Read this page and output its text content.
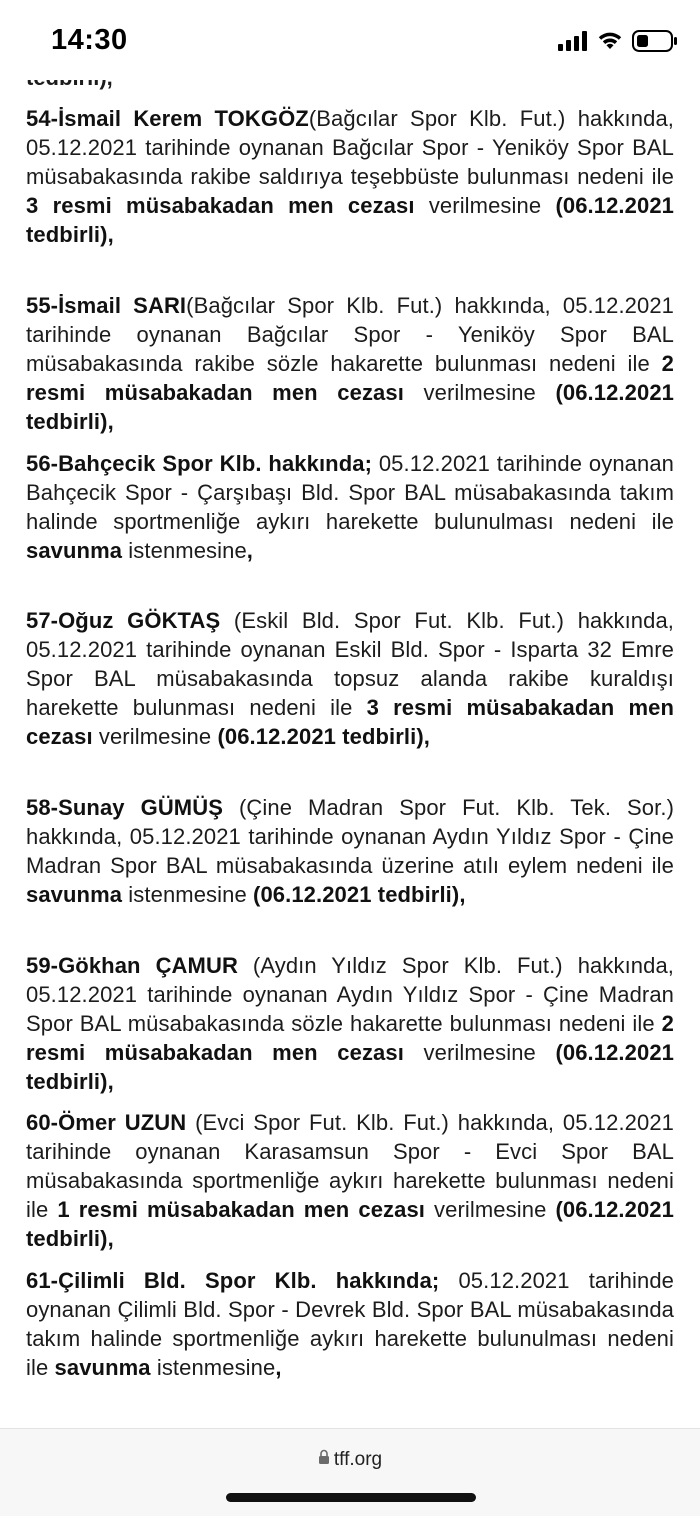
14:30
54-İsmail Kerem TOKGÖZ(Bağcılar Spor Klb. Fut.) hakkında, 05.12.2021 tarihinde oynanan Bağcılar Spor - Yeniköy Spor BAL müsabakasında rakibe saldırıya teşebbüste bulunması nedeni ile 3 resmi müsabakadan men cezası verilmesine (06.12.2021 tedbirli),
55-İsmail SARI(Bağcılar Spor Klb. Fut.) hakkında, 05.12.2021 tarihinde oynanan Bağcılar Spor - Yeniköy Spor BAL müsabakasında rakibe sözle hakarette bulunması nedeni ile 2 resmi müsabakadan men cezası verilmesine (06.12.2021 tedbirli),
56-Bahçecik Spor Klb. hakkında; 05.12.2021 tarihinde oynanan Bahçecik Spor - Çarşıbaşı Bld. Spor BAL müsabakasında takım halinde sportmenliğe aykırı harekette bulunulması nedeni ile savunma istenmesine,
57-Oğuz GÖKTAŞ (Eskil Bld. Spor Fut. Klb. Fut.) hakkında, 05.12.2021 tarihinde oynanan Eskil Bld. Spor - Isparta 32 Emre Spor BAL müsabakasında topsuz alanda rakibe kuraldışı harekette bulunması nedeni ile 3 resmi müsabakadan men cezası verilmesine (06.12.2021 tedbirli),
58-Sunay GÜMÜŞ (Çine Madran Spor Fut. Klb. Tek. Sor.) hakkında, 05.12.2021 tarihinde oynanan Aydın Yıldız Spor - Çine Madran Spor BAL müsabakasında üzerine atılı eylem nedeni ile savunma istenmesine (06.12.2021 tedbirli),
59-Gökhan ÇAMUR (Aydın Yıldız Spor Klb. Fut.) hakkında, 05.12.2021 tarihinde oynanan Aydın Yıldız Spor - Çine Madran Spor BAL müsabakasında sözle hakarette bulunması nedeni ile 2 resmi müsabakadan men cezası verilmesine (06.12.2021 tedbirli),
60-Ömer UZUN (Evci Spor Fut. Klb. Fut.) hakkında, 05.12.2021 tarihinde oynanan Karasamsun Spor - Evci Spor BAL müsabakasında sportmenliğe aykırı harekette bulunması nedeni ile 1 resmi müsabakadan men cezası verilmesine (06.12.2021 tedbirli),
61-Çilimli Bld. Spor Klb. hakkında; 05.12.2021 tarihinde oynanan Çilimli Bld. Spor - Devrek Bld. Spor BAL müsabakasında takım halinde sportmenliğe aykırı harekette bulunulması nedeni ile savunma istenmesine,
tff.org
